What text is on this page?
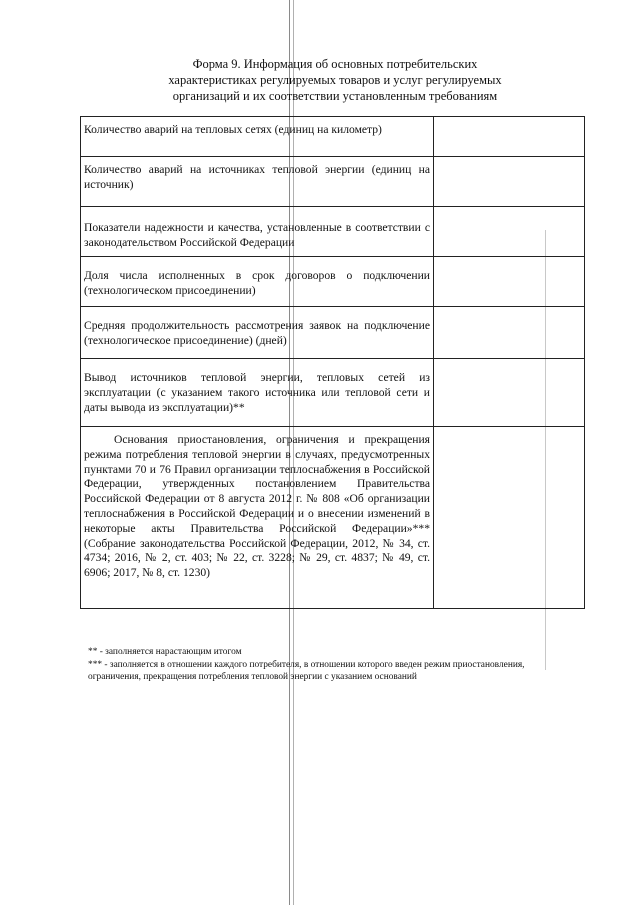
Форма 9. Информация об основных потребительских
характеристиках регулируемых товаров и услуг регулируемых
организаций и их соответствии установленным требованиям
Количество аварий на тепловых сетях (единиц на километр)	
Количество аварий на источниках тепловой энергии (единиц на источник)	
Показатели надежности и качества, установленные в соответствии с законодательством Российской Федерации	
Доля числа исполненных в срок договоров о подключении (технологическом присоединении)	
Средняя продолжительность рассмотрения заявок на подключение (технологическое присоединение) (дней)	
Вывод источников тепловой энергии, тепловых сетей из эксплуатации (с указанием такого источника или тепловой сети и даты вывода из эксплуатации)**	
Основания приостановления, ограничения и прекращения режима потребления тепловой энергии в случаях, предусмотренных пунктами 70 и 76 Правил организации теплоснабжения в Российской Федерации, утвержденных постановлением Правительства Российской Федерации от 8 августа 2012 г. № 808 «Об организации теплоснабжения в Российской Федерации и о внесении изменений в некоторые акты Правительства Российской Федерации»*** (Собрание законодательства Российской Федерации, 2012, № 34, ст. 4734; 2016, № 2, ст. 403; № 22, ст. 3228; № 29, ст. 4837; № 49, ст. 6906; 2017, № 8, ст. 1230)	
** - заполняется нарастающим итогом
*** - заполняется в отношении каждого потребителя, в отношении которого введен режим приостановления,
ограничения, прекращения потребления тепловой энергии с указанием оснований
